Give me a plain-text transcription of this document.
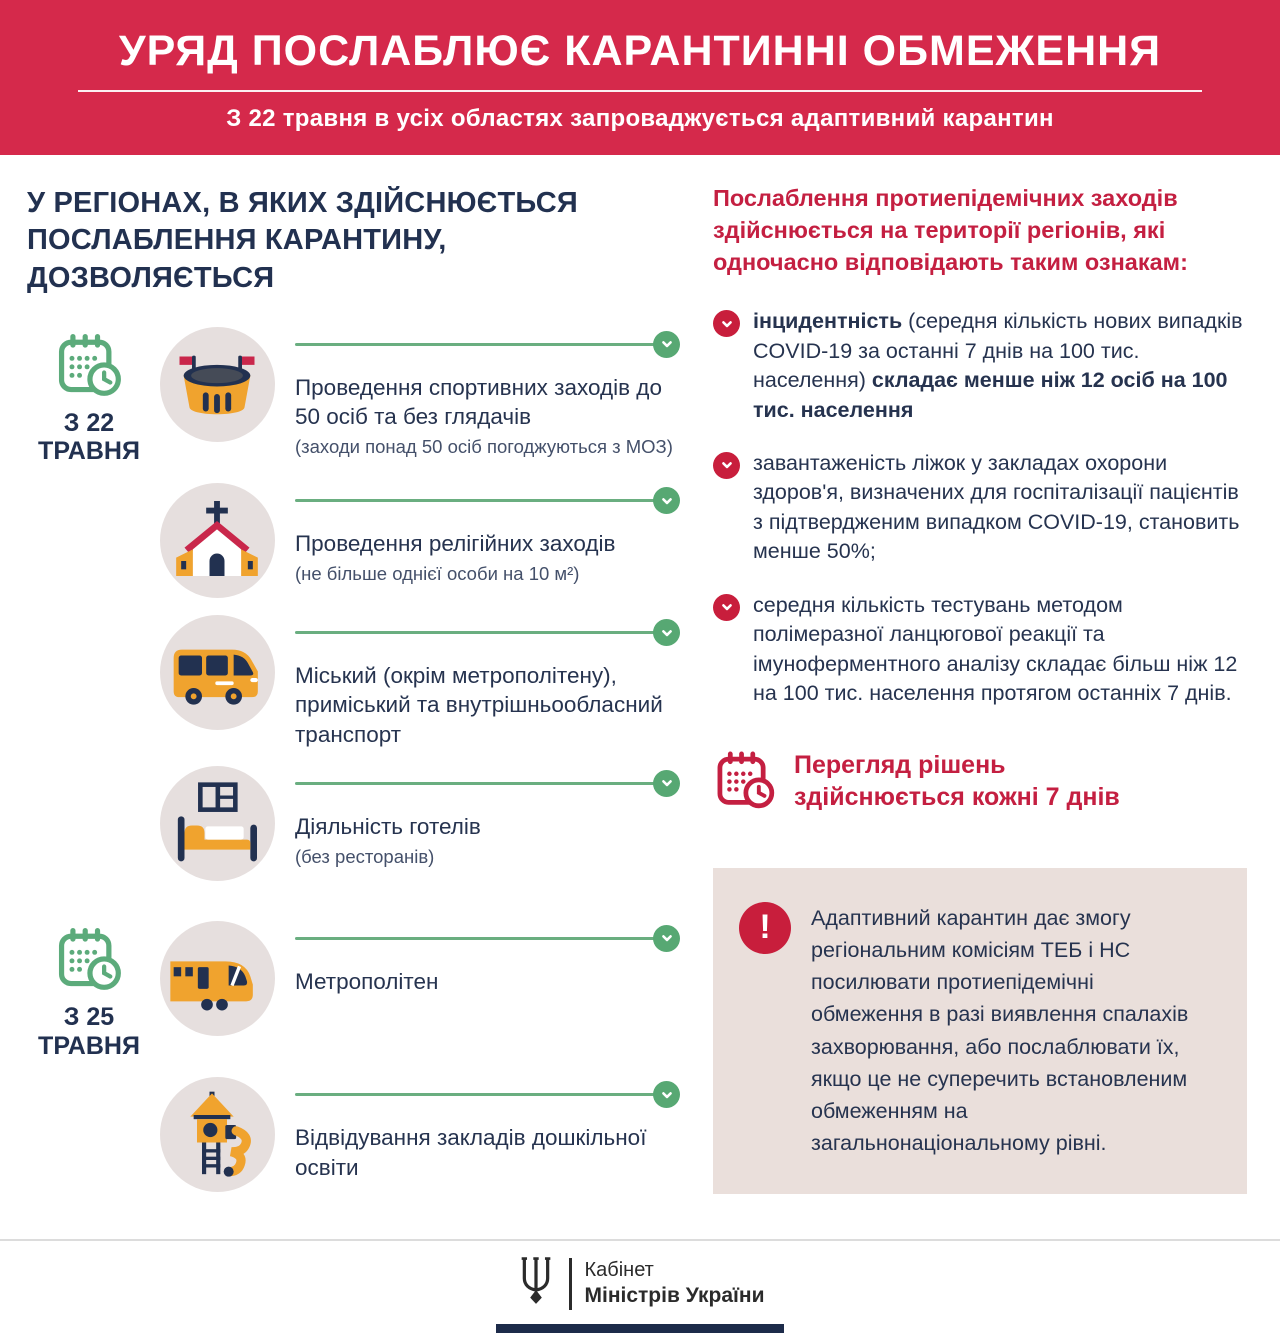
УРЯД ПОСЛАБЛЮЄ КАРАНТИННІ ОБМЕЖЕННЯ
З 22 травня в усіх областях запроваджується адаптивний карантин
У РЕГІОНАХ, В ЯКИХ ЗДІЙСНЮЄТЬСЯ ПОСЛАБЛЕННЯ КАРАНТИНУ, ДОЗВОЛЯЄТЬСЯ
З 22
ТРАВНЯ
Проведення спортивних заходів до 50 осіб та без глядачів
(заходи понад 50 осіб погоджуються з МОЗ)
Проведення релігійних заходів
(не більше однієї особи на 10 м²)
Міський (окрім метрополітену), приміський та внутрішньообласний транспорт
Діяльність готелів
(без ресторанів)
З 25
ТРАВНЯ
Метрополітен
Відвідування закладів дошкільної освіти
Послаблення протиепідемічних заходів здійснюється на території регіонів, які одночасно відповідають таким ознакам:
інцидентність (середня кількість нових випадків COVID-19 за останні 7 днів на 100 тис. населення) складає менше ніж 12 осіб на 100 тис. населення
завантаженість ліжок у закладах охорони здоров'я, визначених для госпіталізації пацієнтів з підтвердженим випадком COVID-19, становить менше 50%;
середня кількість тестувань методом полімеразної ланцюгової реакції та імуноферментного аналізу складає більш ніж 12 на 100 тис. населення протягом останніх 7 днів.
Перегляд рішень здійснюється кожні 7 днів
! Адаптивний карантин дає змогу регіональним комісіям ТЕБ і НС посилювати протиепідемічні обмеження в разі виявлення спалахів захворювання, або послаблювати їх, якщо це не суперечить встановленим обмеженням на загальнонаціональному рівні.
Кабінет
Міністрів України
